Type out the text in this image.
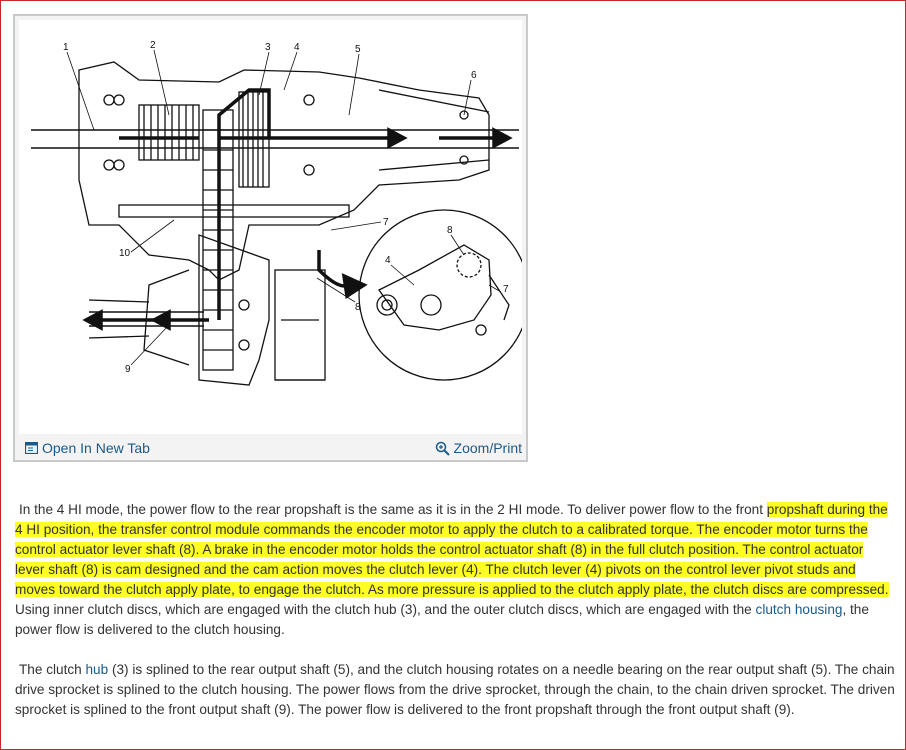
1	2	3 4	5
6
7
8
9
10
4
8
7
Open In New Tab	Zoom/Print
In the 4 HI mode, the power flow to the rear propshaft is the same as it is in the 2 HI mode. To deliver power flow to the front propshaft during the 4 HI position, the transfer control module commands the encoder motor to apply the clutch to a calibrated torque. The encoder motor turns the control actuator lever shaft (8). A brake in the encoder motor holds the control actuator shaft (8) in the full clutch position. The control actuator lever shaft (8) is cam designed and the cam action moves the clutch lever (4). The clutch lever (4) pivots on the control lever pivot studs and moves toward the clutch apply plate, to engage the clutch. As more pressure is applied to the clutch apply plate, the clutch discs are compressed. Using inner clutch discs, which are engaged with the clutch hub (3), and the outer clutch discs, which are engaged with the clutch housing, the power flow is delivered to the clutch housing.
The clutch hub (3) is splined to the rear output shaft (5), and the clutch housing rotates on a needle bearing on the rear output shaft (5). The chain drive sprocket is splined to the clutch housing. The power flows from the drive sprocket, through the chain, to the chain driven sprocket. The driven sprocket is splined to the front output shaft (9). The power flow is delivered to the front propshaft through the front output shaft (9).
